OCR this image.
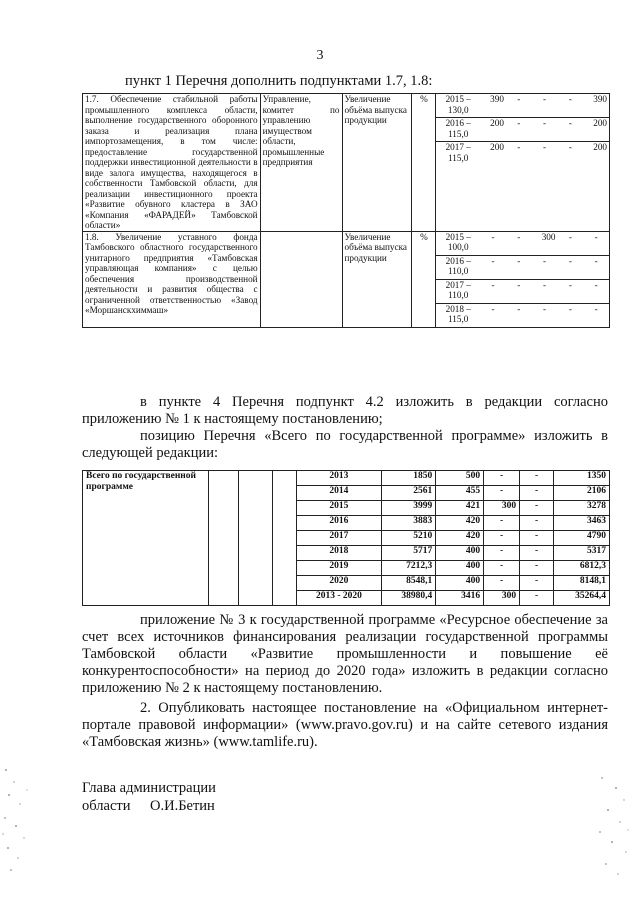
3
пункт 1 Перечня дополнить подпунктами 1.7, 1.8:
1.7. Обеспечение стабильной работы промышленного комплекса области, выполнение государственного оборонного заказа и реализация плана импортозамещения, в том числе: предоставление государственной поддержки инвестиционной деятельности в виде залога имущества, находящегося в собственности Тамбовской области, для реализации инвестиционного проекта «Развитие обувного кластера в ЗАО «Компания «ФАРАДЕЙ» Тамбовской области»	Управление, комитет по управлению имуществом области, промышленные предприятия	Увеличение объёма выпуска продукции	%	2015 – 130,0	390	-	-	-	390
2016 – 115,0	200	-	-	-	200
2017 – 115,0	200	-	-	-	200

1.8. Увеличение уставного фонда Тамбовского областного государственного унитарного предприятия «Тамбовская управляющая компания» с целью обеспечения производственной деятельности и развития общества с ограниченной ответственностью «Завод «Моршанскхиммаш»		Увеличение объёма выпуска продукции	%	2015 – 100,0	-	-	300	-	-
2016 – 110,0	-	-	-	-	-
2017 – 110,0	-	-	-	-	-
2018 – 115,0	-	-	-	-	-
в пункте 4 Перечня подпункт 4.2 изложить в редакции согласно приложению № 1 к настоящему постановлению;
позицию Перечня «Всего по государственной программе» изложить в следующей редакции:
Всего по государственной программе				2013	1850	500	-	-	1350
				2014	2561	455	-	-	2106
				2015	3999	421	300	-	3278
				2016	3883	420	-	-	3463
				2017	5210	420	-	-	4790
				2018	5717	400	-	-	5317
				2019	7212,3	400	-	-	6812,3
				2020	8548,1	400	-	-	8148,1
				2013 - 2020	38980,4	3416	300	-	35264,4
приложение № 3 к государственной программе «Ресурсное обеспечение за счет всех источников финансирования реализации государственной программы Тамбовской области «Развитие промышленности и повышение её конкурентоспособности» на период до 2020 года» изложить в редакции согласно приложению № 2 к настоящему постановлению.
2. Опубликовать настоящее постановление на «Официальном интернет-портале правовой информации» (www.pravo.gov.ru) и на сайте сетевого издания «Тамбовская жизнь» (www.tamlife.ru).
Глава администрации
области О.И.Бетин
